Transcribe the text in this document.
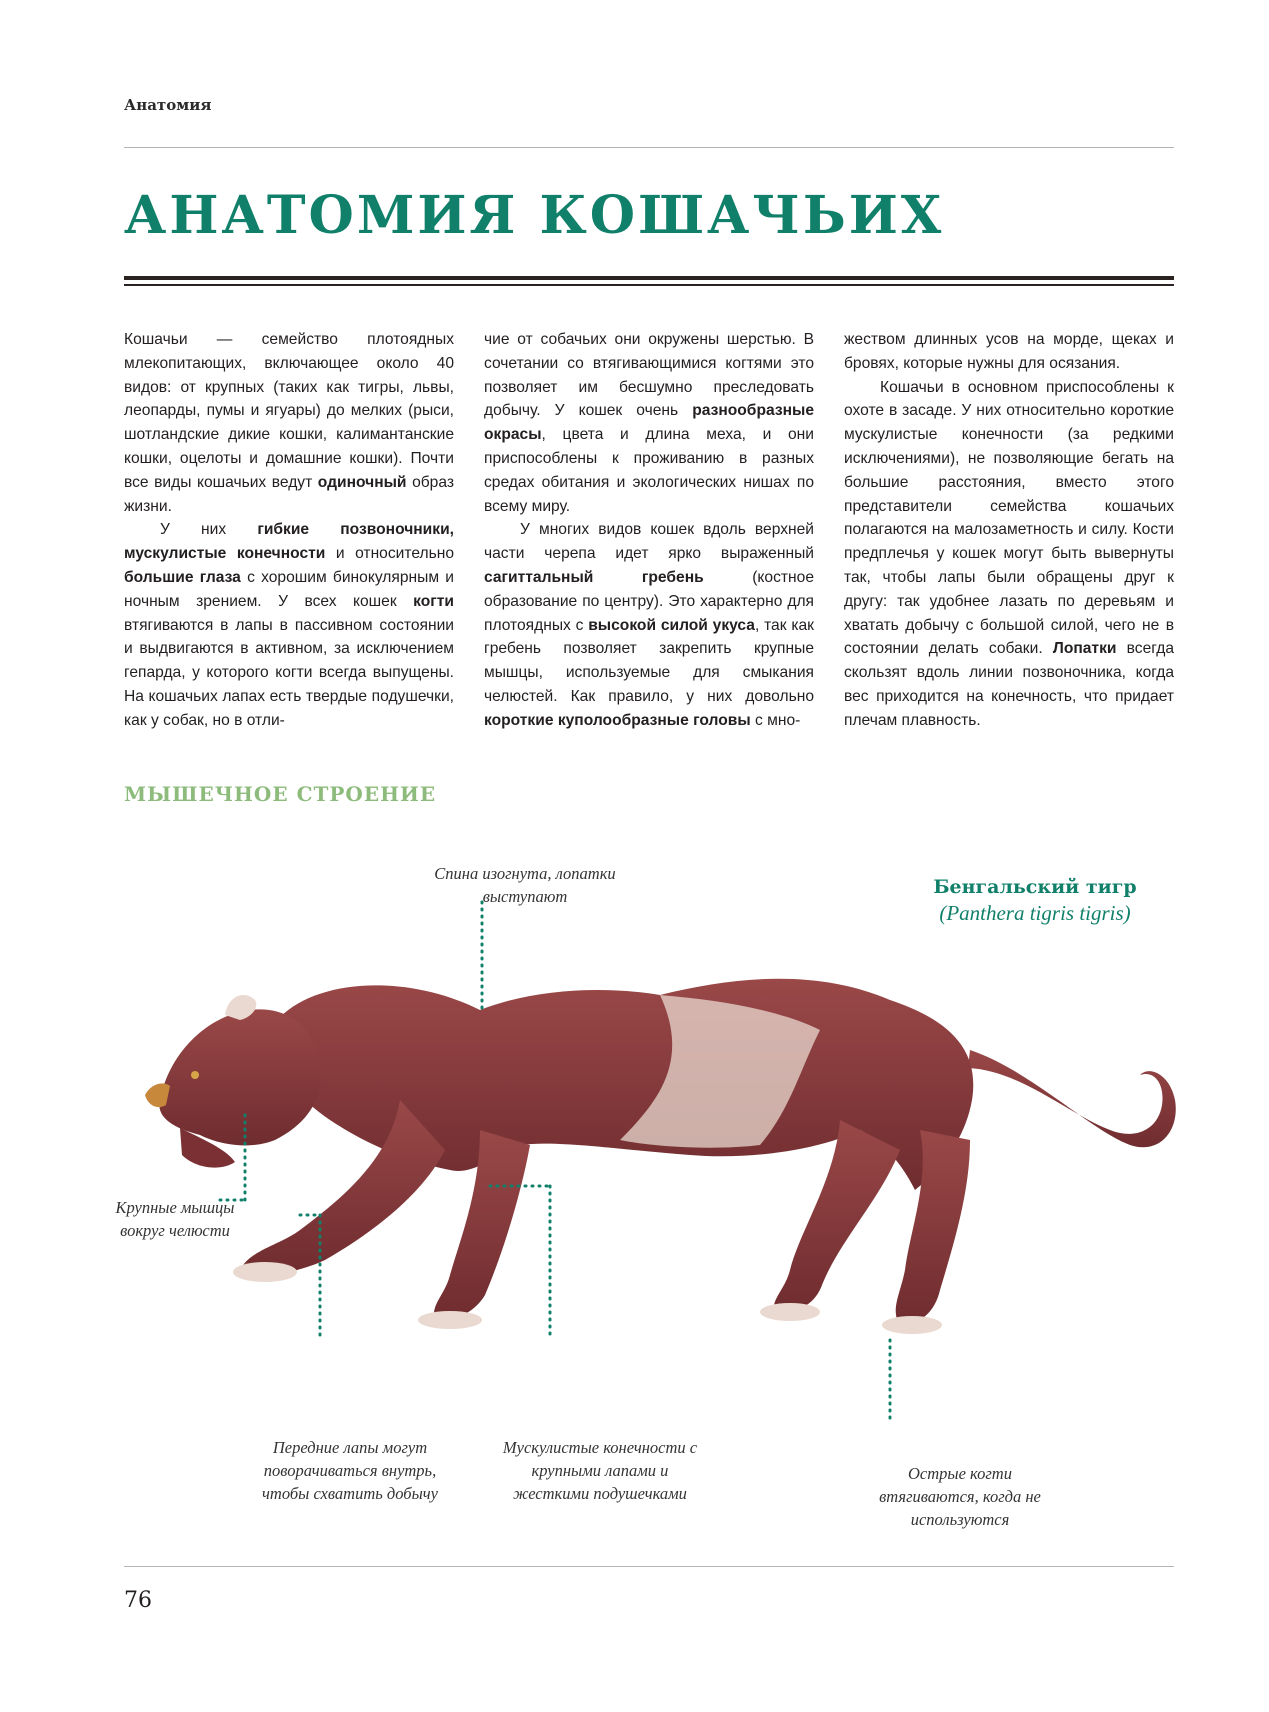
Анатомия
АНАТОМИЯ КОШАЧЬИХ

Кошачьи — семейство плотоядных млекопитающих, включающее около 40 видов: от крупных (таких как тигры, львы, леопарды, пумы и ягуары) до мелких (рыси, шотландские дикие кошки, калимантанские кошки, оцелоты и домашние кошки). Почти все виды кошачьих ведут одиночный образ жизни.

У них гибкие позвоночники, мускулистые конечности и относительно большие глаза с хорошим бинокулярным и ночным зрением. У всех кошек когти втягиваются в лапы в пассивном состоянии и выдвигаются в активном, за исключением гепарда, у которого когти всегда выпущены. На кошачьих лапах есть твердые подушечки, как у собак, но в отли-

чие от собачьих они окружены шерстью. В сочетании со втягивающимися когтями это позволяет им бесшумно преследовать добычу. У кошек очень разнообразные окрасы, цвета и длина меха, и они приспособлены к проживанию в разных средах обитания и экологических нишах по всему миру.

У многих видов кошек вдоль верхней части черепа идет ярко выраженный сагиттальный гребень (костное образование по центру). Это характерно для плотоядных с высокой силой укуса, так как гребень позволяет закрепить крупные мышцы, используемые для смыкания челюстей. Как правило, у них довольно короткие куполообразные головы с мно-

жеством длинных усов на морде, щеках и бровях, которые нужны для осязания.

Кошачьи в основном приспособлены к охоте в засаде. У них относительно короткие мускулистые конечности (за редкими исключениями), не позволяющие бегать на большие расстояния, вместо этого представители семейства кошачьих полагаются на малозаметность и силу. Кости предплечья у кошек могут быть вывернуты так, чтобы лапы были обращены друг к другу: так удобнее лазать по деревьям и хватать добычу с большой силой, чего не в состоянии делать собаки. Лопатки всегда скользят вдоль линии позвоночника, когда вес приходится на конечность, что придает плечам плавность.

МЫШЕЧНОЕ СТРОЕНИЕ
Бенгальский тигр
(Panthera tigris tigris)
Спина изогнута, лопатки выступают
Крупные мышцы вокруг челюсти
Передние лапы могут поворачиваться внутрь, чтобы схватить добычу
Мускулистые конечности с крупными лапами и жесткими подушечками
Острые когти втягиваются, когда не используются
76
